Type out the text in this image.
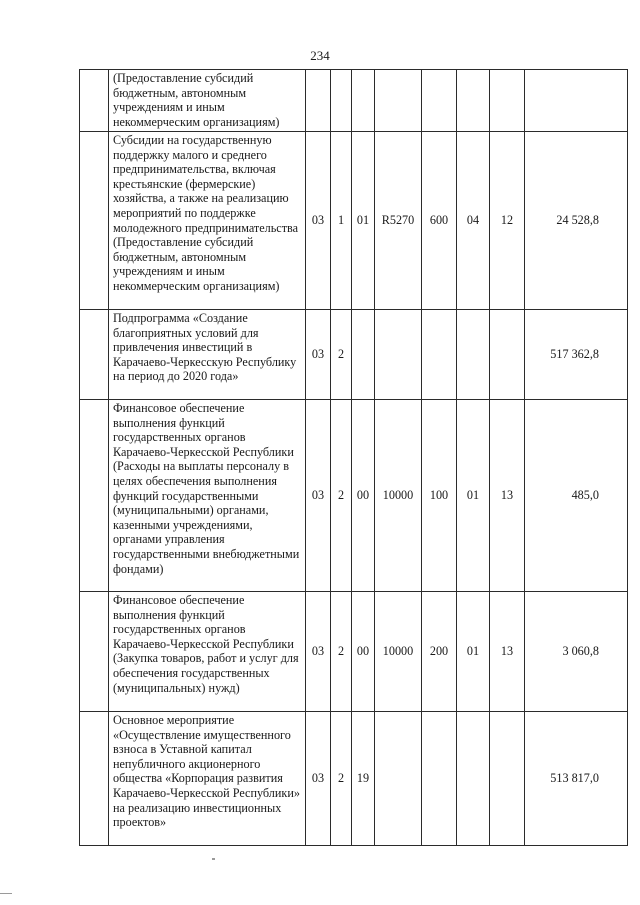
234
	(Предоставление субсидий бюджетным, автономным учреждениям и иным некоммерческим организациям)								
	Субсидии на государственную поддержку малого и среднего предпринимательства, включая крестьянские (фермерские) хозяйства, а также на реализацию мероприятий по поддержке молодежного предпринимательства (Предоставление субсидий бюджетным, автономным учреждениям и иным некоммерческим организациям)	03	1	01	R5270	600	04	12	24 528,8
	Подпрограмма «Создание благоприятных условий для привлечения инвестиций в Карачаево-Черкесскую Республику на период до 2020 года»	03	2						517 362,8
	Финансовое обеспечение выполнения функций государственных органов Карачаево-Черкесской Республики (Расходы на выплаты персоналу в целях обеспечения выполнения функций государственными (муниципальными) органами, казенными учреждениями, органами управления государственными внебюджетными фондами)	03	2	00	10000	100	01	13	485,0
	Финансовое обеспечение выполнения функций государственных органов Карачаево-Черкесской Республики (Закупка товаров, работ и услуг для обеспечения государственных (муниципальных) нужд)	03	2	00	10000	200	01	13	3 060,8
	Основное мероприятие «Осуществление имущественного взноса в Уставной капитал непубличного акционерного общества «Корпорация развития Карачаево-Черкесской Республики» на реализацию инвестиционных проектов»	03	2	19					513 817,0
